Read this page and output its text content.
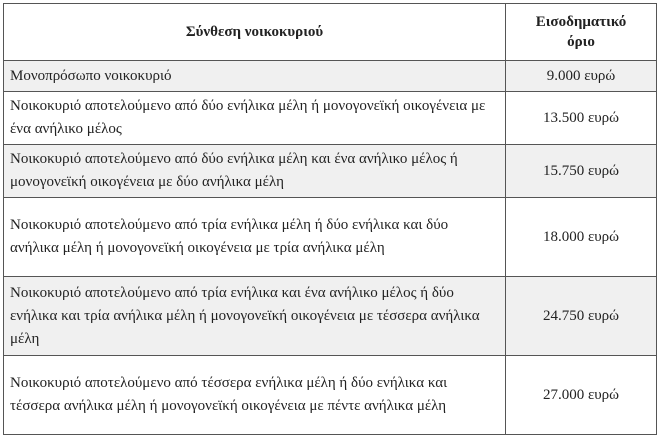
Σύνθεση νοικοκυριού	Εισοδηματικό
όριο
Μονοπρόσωπο νοικοκυριό	9.000 ευρώ
Νοικοκυριό αποτελούμενο από δύο ενήλικα μέλη ή μονογονεϊκή οικογένεια με ένα ανήλικο μέλος	13.500 ευρώ
Νοικοκυριό αποτελούμενο από δύο ενήλικα μέλη και ένα ανήλικο μέλος ή μονογονεϊκή οικογένεια με δύο ανήλικα μέλη	15.750 ευρώ
Νοικοκυριό αποτελούμενο από τρία ενήλικα μέλη ή δύο ενήλικα και δύο ανήλικα μέλη ή μονογονεϊκή οικογένεια με τρία ανήλικα μέλη	18.000 ευρώ
Νοικοκυριό αποτελούμενο από τρία ενήλικα και ένα ανήλικο μέλος ή δύο ενήλικα και τρία ανήλικα μέλη ή μονογονεϊκή οικογένεια με τέσσερα ανήλικα μέλη	24.750 ευρώ
Νοικοκυριό αποτελούμενο από τέσσερα ενήλικα μέλη ή δύο ενήλικα και τέσσερα ανήλικα μέλη ή μονογονεϊκή οικογένεια με πέντε ανήλικα μέλη	27.000 ευρώ
